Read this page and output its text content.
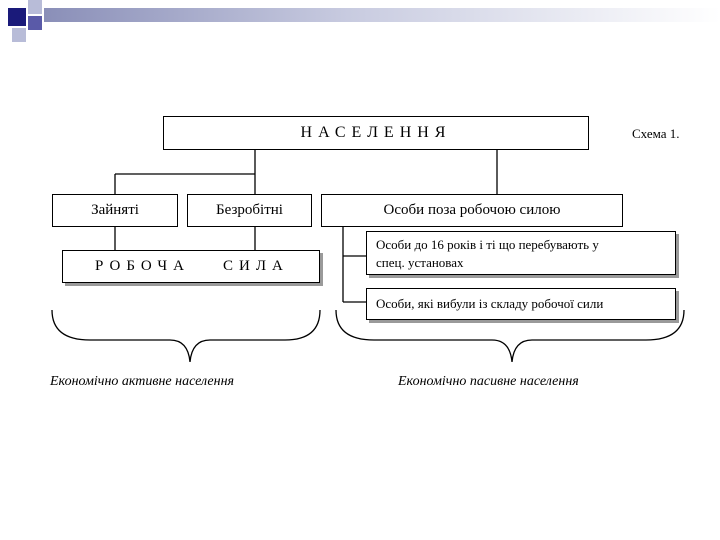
НАСЕЛЕННЯ	Схема 1.
Зайняті	Безробітні	Особи поза робочою силою
РОБОЧА СИЛА
Особи до 16 років і ті що перебувають у
спец. установах
Особи, які вибули із складу робочої сили
Економічно активне населення	Економічно пасивне населення
